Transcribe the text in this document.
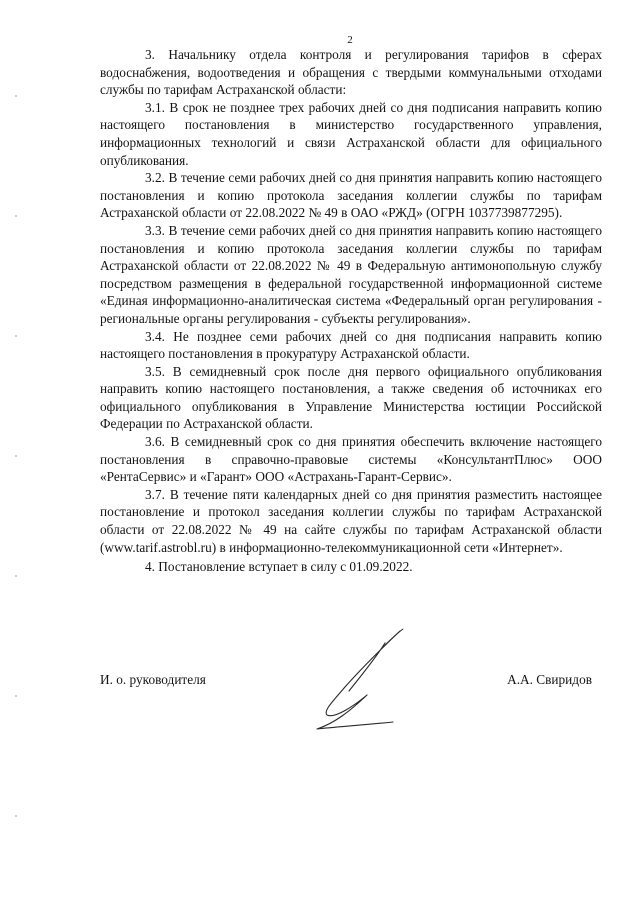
2

3. Начальнику отдела контроля и регулирования тарифов в сферах водоснабжения, водоотведения и обращения с твердыми коммунальными отходами службы по тарифам Астраханской области:

3.1. В срок не позднее трех рабочих дней со дня подписания направить копию настоящего постановления в министерство государственного управления, информационных технологий и связи Астраханской области для официального опубликования.

3.2. В течение семи рабочих дней со дня принятия направить копию настоящего постановления и копию протокола заседания коллегии службы по тарифам Астраханской области от 22.08.2022 № 49 в ОАО «РЖД» (ОГРН 1037739877295).

3.3. В течение семи рабочих дней со дня принятия направить копию настоящего постановления и копию протокола заседания коллегии службы по тарифам Астраханской области от 22.08.2022 № 49 в Федеральную антимонопольную службу посредством размещения в федеральной государственной информационной системе «Единая информационно-аналитическая система «Федеральный орган регулирования - региональные органы регулирования - субъекты регулирования».

3.4. Не позднее семи рабочих дней со дня подписания направить копию настоящего постановления в прокуратуру Астраханской области.

3.5. В семидневный срок после дня первого официального опубликования направить копию настоящего постановления, а также сведения об источниках его официального опубликования в Управление Министерства юстиции Российской Федерации по Астраханской области.

3.6. В семидневный срок со дня принятия обеспечить включение настоящего постановления в справочно-правовые системы «КонсультантПлюс» ООО «РентаСервис» и «Гарант» ООО «Астрахань-Гарант-Сервис».

3.7. В течение пяти календарных дней со дня принятия разместить настоящее постановление и протокол заседания коллегии службы по тарифам Астраханской области от 22.08.2022 № 49 на сайте службы по тарифам Астраханской области (www.tarif.astrobl.ru) в информационно-телекоммуникационной сети «Интернет».

4. Постановление вступает в силу с 01.09.2022.

И. о. руководителя	А.А. Свиридов
